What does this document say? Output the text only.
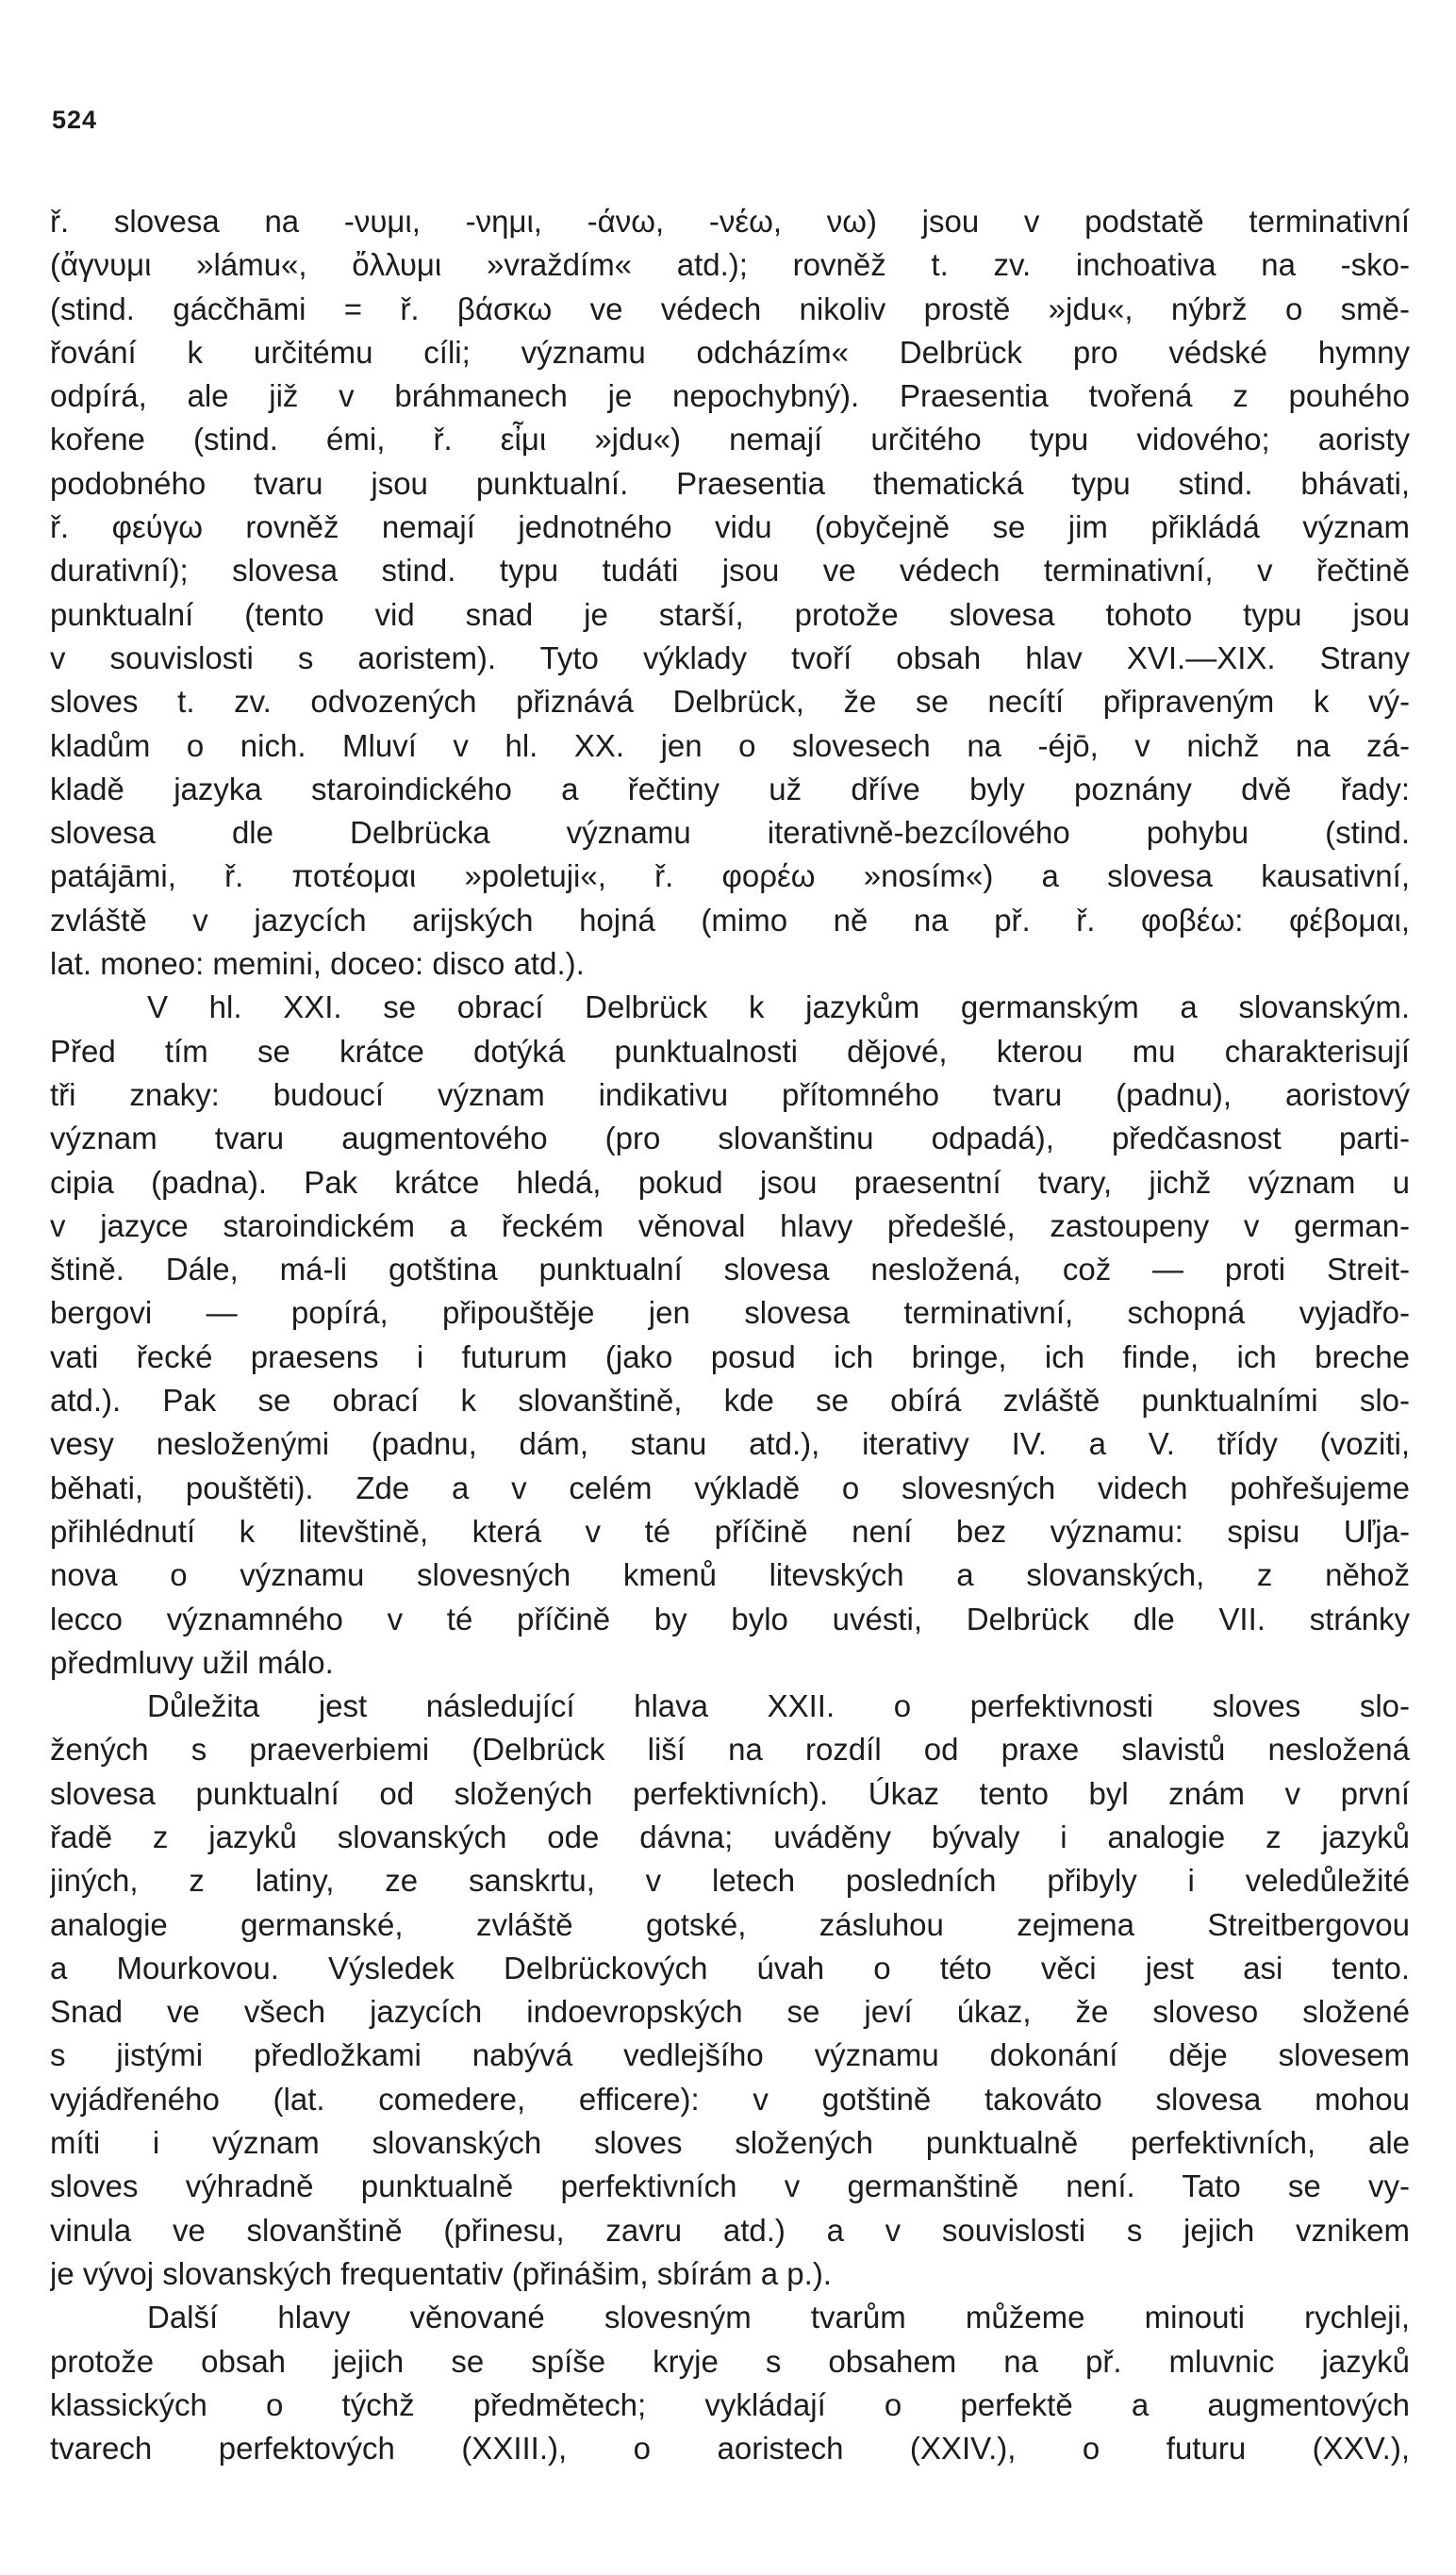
524
ř. slovesa na -νυμι, -νημι, -άνω, -νέω, νω) jsou v podstatě terminativní
(ἄγνυμι »lámu«, ὄλλυμι »vraždím« atd.); rovněž t. zv. inchoativa na -sko-
(stind. gácčhāmi = ř. βάσκω ve védech nikoliv prostě »jdu«, nýbrž o smě-
řování k určitému cíli; významu odcházím« Delbrück pro védské hymny
odpírá, ale již v bráhmanech je nepochybný). Praesentia tvořená z pouhého
kořene (stind. émi, ř. εἶμι »jdu«) nemají určitého typu vidového; aoristy
podobného tvaru jsou punktualní. Praesentia thematická typu stind. bhávati,
ř. φεύγω rovněž nemají jednotného vidu (obyčejně se jim přikládá význam
durativní); slovesa stind. typu tudáti jsou ve védech terminativní, v řečtině
punktualní (tento vid snad je starší, protože slovesa tohoto typu jsou
v souvislosti s aoristem). Tyto výklady tvoří obsah hlav XVI.—XIX. Strany
sloves t. zv. odvozených přiznává Delbrück, že se necítí připraveným k vý-
kladům o nich. Mluví v hl. XX. jen o slovesech na -éjō, v nichž na zá-
kladě jazyka staroindického a řečtiny už dříve byly poznány dvě řady:
slovesa dle Delbrücka významu iterativně-bezcílového pohybu (stind.
patájāmi, ř. ποτέομαι »poletuji«, ř. φορέω »nosím«) a slovesa kausativní,
zvláště v jazycích arijských hojná (mimo ně na př. ř. φοβέω: φέβομαι,
lat. moneo: memini, doceo: disco atd.).
V hl. XXI. se obrací Delbrück k jazykům germanským a slovanským.
Před tím se krátce dotýká punktualnosti dějové, kterou mu charakterisují
tři znaky: budoucí význam indikativu přítomného tvaru (padnu), aoristový
význam tvaru augmentového (pro slovanštinu odpadá), předčasnost parti-
cipia (padna). Pak krátce hledá, pokud jsou praesentní tvary, jichž význam u
v jazyce staroindickém a řeckém věnoval hlavy předešlé, zastoupeny v german-
štině. Dále, má-li gotština punktualní slovesa nesložená, což — proti Streit-
bergovi — popírá, připouštěje jen slovesa terminativní, schopná vyjadřo-
vati řecké praesens i futurum (jako posud ich bringe, ich finde, ich breche
atd.). Pak se obrací k slovanštině, kde se obírá zvláště punktualními slo-
vesy nesloženými (padnu, dám, stanu atd.), iterativy IV. a V. třídy (voziti,
běhati, pouštěti). Zde a v celém výkladě o slovesných videch pohřešujeme
přihlédnutí k litevštině, která v té příčině není bez významu: spisu Uľja-
nova o významu slovesných kmenů litevských a slovanských, z něhož
lecco významného v té příčině by bylo uvésti, Delbrück dle VII. stránky
předmluvy užil málo.
Důležita jest následující hlava XXII. o perfektivnosti sloves slo-
žených s praeverbiemi (Delbrück liší na rozdíl od praxe slavistů nesložená
slovesa punktualní od složených perfektivních). Úkaz tento byl znám v první
řadě z jazyků slovanských ode dávna; uváděny bývaly i analogie z jazyků
jiných, z latiny, ze sanskrtu, v letech posledních přibyly i veledůležité
analogie germanské, zvláště gotské, zásluhou zejmena Streitbergovou
a Mourkovou. Výsledek Delbrückových úvah o této věci jest asi tento.
Snad ve všech jazycích indoevropských se jeví úkaz, že sloveso složené
s jistými předložkami nabývá vedlejšího významu dokonání děje slovesem
vyjádřeného (lat. comedere, efficere): v gotštině takováto slovesa mohou
míti i význam slovanských sloves složených punktualně perfektivních, ale
sloves výhradně punktualně perfektivních v germanštině není. Tato se vy-
vinula ve slovanštině (přinesu, zavru atd.) a v souvislosti s jejich vznikem
je vývoj slovanských frequentativ (přinášim, sbírám a p.).
Další hlavy věnované slovesným tvarům můžeme minouti rychleji,
protože obsah jejich se spíše kryje s obsahem na př. mluvnic jazyků
klassických o týchž předmětech; vykládají o perfektě a augmentových
tvarech perfektových (XXIII.), o aoristech (XXIV.), o futuru (XXV.),
